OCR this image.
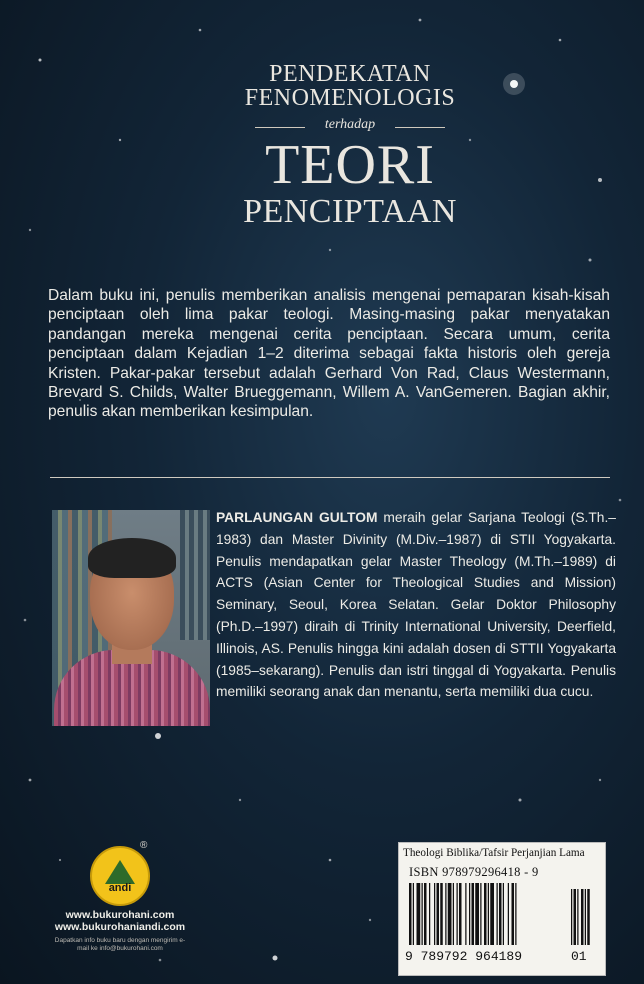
PENDEKATAN
FENOMENOLOGIS
terhadap
TEORI
PENCIPTAAN
Dalam buku ini, penulis memberikan analisis mengenai pemaparan kisah-kisah penciptaan oleh lima pakar teologi. Masing-masing pakar menyatakan pandangan mereka mengenai cerita penciptaan. Secara umum, cerita penciptaan dalam Kejadian 1–2 diterima sebagai fakta historis oleh gereja Kristen. Pakar-pakar tersebut adalah Gerhard Von Rad, Claus Westermann, Brevard S. Childs, Walter Brueggemann, Willem A. VanGemeren. Bagian akhir, penulis akan memberikan kesimpulan.
PARLAUNGAN GULTOM meraih gelar Sarjana Teologi (S.Th.–1983) dan Master Divinity (M.Div.–1987) di STII Yogyakarta. Penulis mendapatkan gelar Master Theology (M.Th.–1989) di ACTS (Asian Center for Theological Studies and Mission) Seminary, Seoul, Korea Selatan. Gelar Doktor Philosophy (Ph.D.–1997) diraih di Trinity International University, Deerfield, Illinois, AS. Penulis hingga kini adalah dosen di STTII Yogyakarta (1985–sekarang). Penulis dan istri tinggal di Yogyakarta. Penulis memiliki seorang anak dan menantu, serta memiliki dua cucu.
andi
®
www.bukurohani.com
www.bukurohaniandi.com
Dapatkan info buku baru dengan mengirim e-mail ke info@bukurohani.com
Theologi Biblika/Tafsir Perjanjian Lama
ISBN 978979296418 - 9
9 789792 964189	01
